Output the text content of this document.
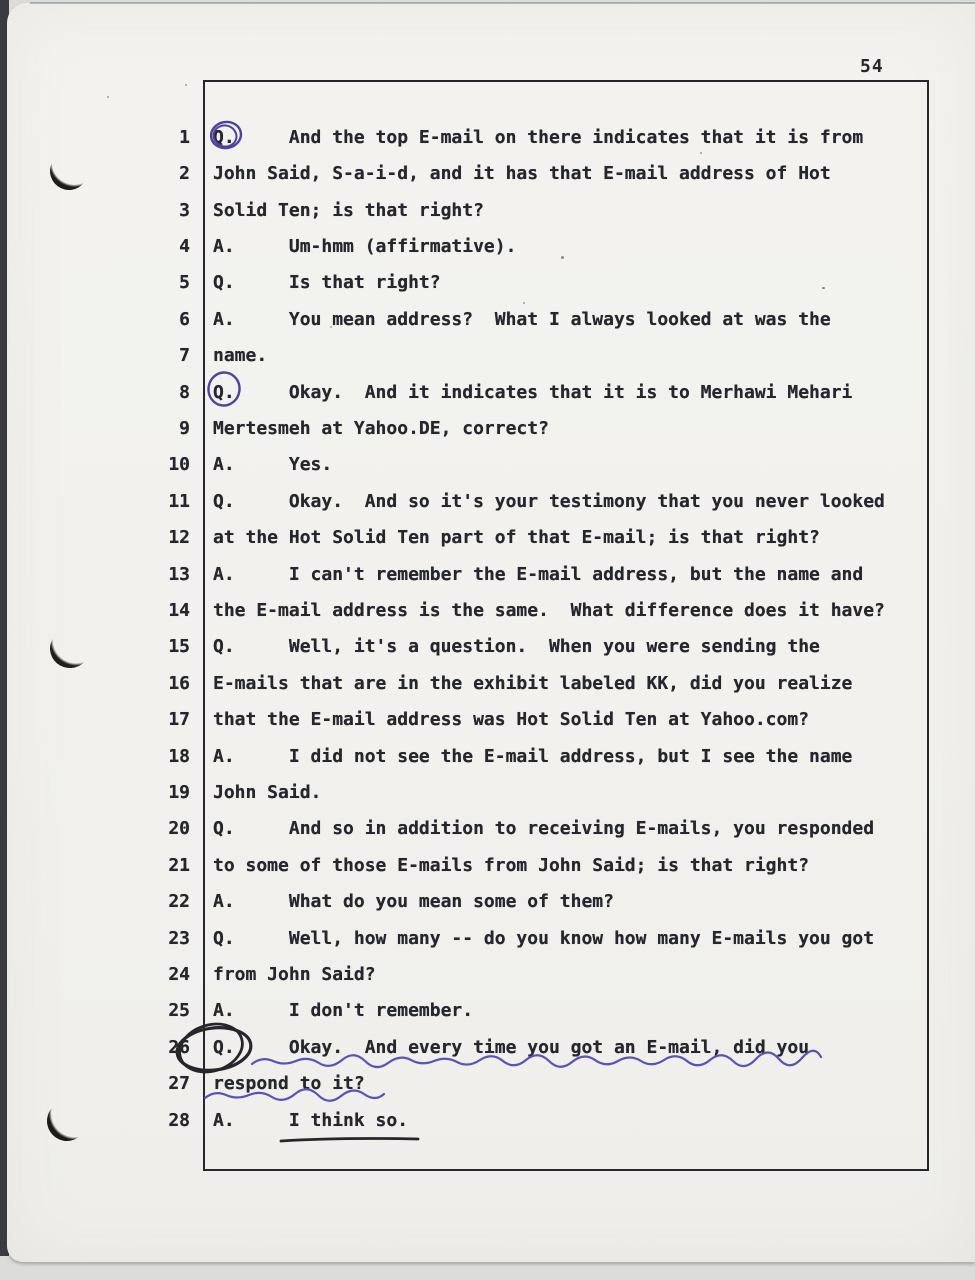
54
1 Q.     And the top E-mail on there indicates that it is from
2 John Said, S-a-i-d, and it has that E-mail address of Hot
3 Solid Ten; is that right?
4 A.     Um-hmm (affirmative).
5 Q.     Is that right?
6 A.     You mean address?  What I always looked at was the
7 name.
8 Q.     Okay.  And it indicates that it is to Merhawi Mehari
9 Mertesmeh at Yahoo.DE, correct?
10 A.     Yes.
11 Q.     Okay.  And so it's your testimony that you never looked
12 at the Hot Solid Ten part of that E-mail; is that right?
13 A.     I can't remember the E-mail address, but the name and
14 the E-mail address is the same.  What difference does it have?
15 Q.     Well, it's a question.  When you were sending the
16 E-mails that are in the exhibit labeled KK, did you realize
17 that the E-mail address was Hot Solid Ten at Yahoo.com?
18 A.     I did not see the E-mail address, but I see the name
19 John Said.
20 Q.     And so in addition to receiving E-mails, you responded
21 to some of those E-mails from John Said; is that right?
22 A.     What do you mean some of them?
23 Q.     Well, how many -- do you know how many E-mails you got
24 from John Said?
25 A.     I don't remember.
26 Q.     Okay.  And every time you got an E-mail, did you
27 respond to it?
28 A.     I think so.
